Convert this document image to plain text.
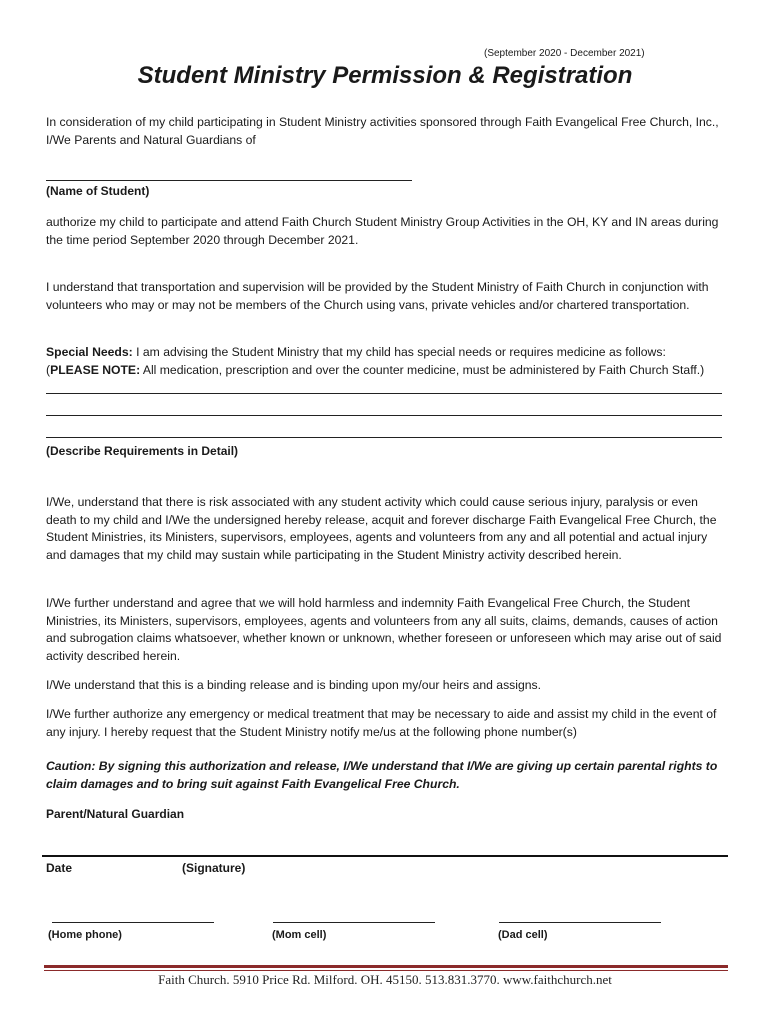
(September 2020 - December 2021)
Student Ministry Permission & Registration
In consideration of my child participating in Student Ministry activities sponsored through Faith Evangelical Free Church, Inc., I/We Parents and Natural Guardians of
(Name of Student)
authorize my child to participate and attend Faith Church Student Ministry Group Activities in the OH, KY and IN areas during the time period September 2020 through December 2021.
I understand that transportation and supervision will be provided by the Student Ministry of Faith Church in conjunction with volunteers who may or may not be members of the Church using vans, private vehicles and/or chartered transportation.
Special Needs: I am advising the Student Ministry that my child has special needs or requires medicine as follows:
(PLEASE NOTE: All medication, prescription and over the counter medicine, must be administered by Faith Church Staff.)
(Describe Requirements in Detail)
I/We, understand that there is risk associated with any student activity which could cause serious injury, paralysis or even death to my child and I/We the undersigned hereby release, acquit and forever discharge Faith Evangelical Free Church, the Student Ministries, its Ministers, supervisors, employees, agents and volunteers from any and all potential and actual injury and damages that my child may sustain while participating in the Student Ministry activity described herein.
I/We further understand and agree that we will hold harmless and indemnity Faith Evangelical Free Church, the Student Ministries, its Ministers, supervisors, employees, agents and volunteers from any all suits, claims, demands, causes of action and subrogation claims whatsoever, whether known or unknown, whether foreseen or unforeseen which may arise out of said activity described herein.
I/We understand that this is a binding release and is binding upon my/our heirs and assigns.
I/We further authorize any emergency or medical treatment that may be necessary to aide and assist my child in the event of any injury. I hereby request that the Student Ministry notify me/us at the following phone number(s)
Caution: By signing this authorization and release, I/We understand that I/We are giving up certain parental rights to claim damages and to bring suit against Faith Evangelical Free Church.
Parent/Natural Guardian
Date	(Signature)
(Home phone)	(Mom cell)	(Dad cell)
Faith Church. 5910 Price Rd. Milford. OH. 45150. 513.831.3770. www.faithchurch.net
